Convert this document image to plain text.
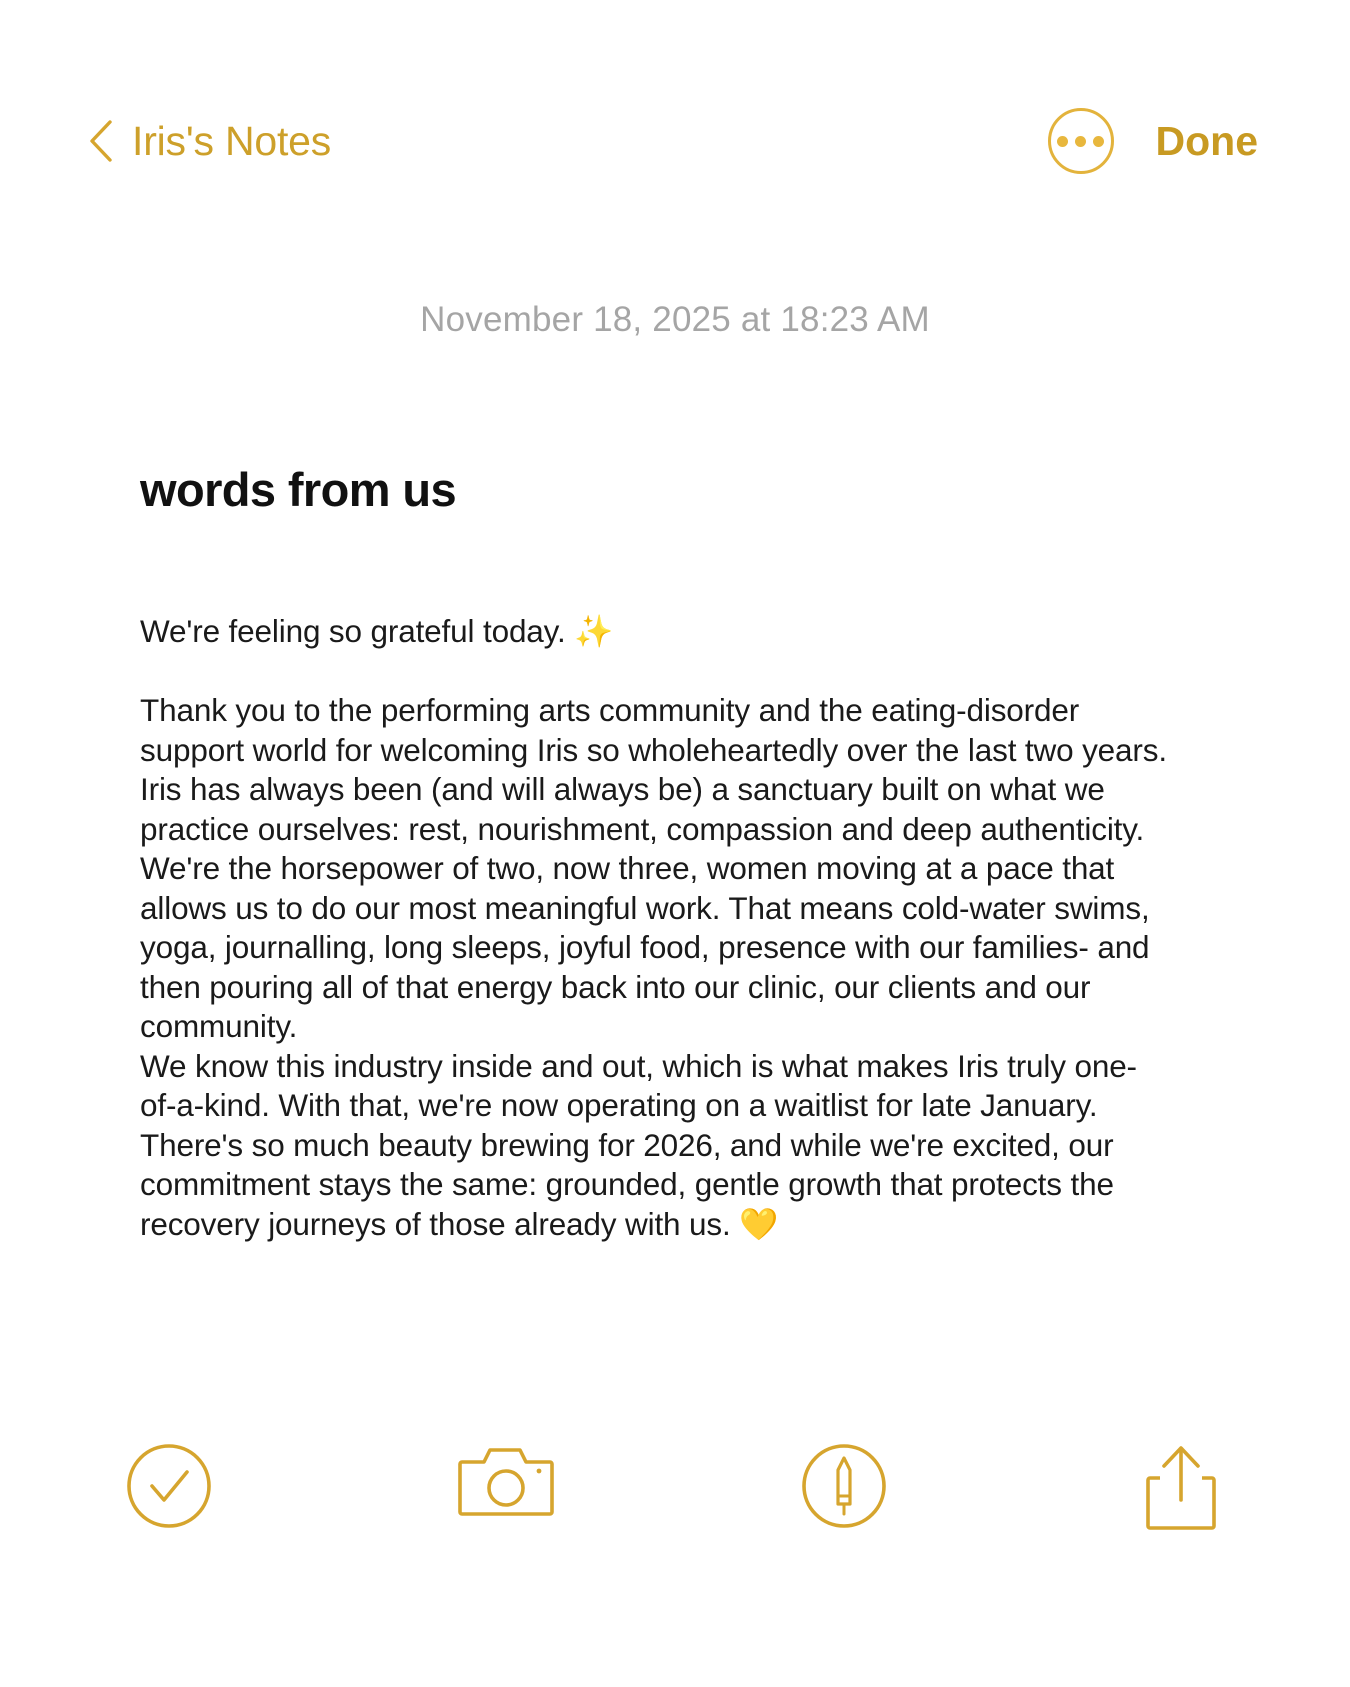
Iris's Notes	Done
November 18, 2025 at 18:23 AM
words from us

We're feeling so grateful today. ✨

Thank you to the performing arts community and the eating-disorder support world for welcoming Iris so wholeheartedly over the last two years.

Iris has always been (and will always be) a sanctuary built on what we practice ourselves: rest, nourishment, compassion and deep authenticity. We're the horsepower of two, now three, women moving at a pace that allows us to do our most meaningful work. That means cold-water swims, yoga, journalling, long sleeps, joyful food, presence with our families- and then pouring all of that energy back into our clinic, our clients and our community.

We know this industry inside and out, which is what makes Iris truly one-of-a-kind. With that, we're now operating on a waitlist for late January.

There's so much beauty brewing for 2026, and while we're excited, our commitment stays the same: grounded, gentle growth that protects the recovery journeys of those already with us. 💛
